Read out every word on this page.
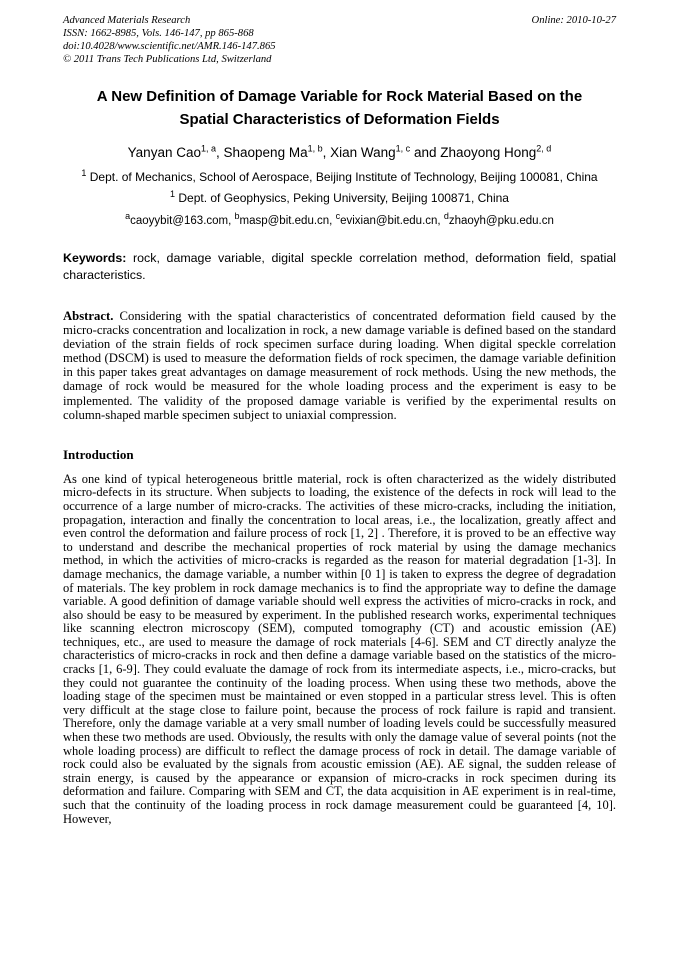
Advanced Materials Research
ISSN: 1662-8985, Vols. 146-147, pp 865-868
doi:10.4028/www.scientific.net/AMR.146-147.865
© 2011 Trans Tech Publications Ltd, Switzerland
Online: 2010-10-27
A New Definition of Damage Variable for Rock Material Based on the Spatial Characteristics of Deformation Fields
Yanyan Cao$^{1, a}$, Shaopeng Ma$^{1, b}$, Xian Wang$^{1, c}$ and Zhaoyong Hong$^{2, d}$
$^1$ Dept. of Mechanics, School of Aerospace, Beijing Institute of Technology, Beijing 100081, China
$^1$ Dept. of Geophysics, Peking University, Beijing 100871, China
$^a$caoyybit@163.com, $^b$masp@bit.edu.cn, $^c$evixian@bit.edu.cn, $^d$zhaoyh@pku.edu.cn

Keywords: rock, damage variable, digital speckle correlation method, deformation field, spatial characteristics.

Abstract. Considering with the spatial characteristics of concentrated deformation field caused by the micro-cracks concentration and localization in rock, a new damage variable is defined based on the standard deviation of the strain fields of rock specimen surface during loading. When digital speckle correlation method (DSCM) is used to measure the deformation fields of rock specimen, the damage variable definition in this paper takes great advantages on damage measurement of rock methods. Using the new methods, the damage of rock would be measured for the whole loading process and the experiment is easy to be implemented. The validity of the proposed damage variable is verified by the experimental results on column-shaped marble specimen subject to uniaxial compression.

Introduction

As one kind of typical heterogeneous brittle material, rock is often characterized as the widely distributed micro-defects in its structure. When subjects to loading, the existence of the defects in rock will lead to the occurrence of a large number of micro-cracks. The activities of these micro-cracks, including the initiation, propagation, interaction and finally the concentration to local areas, i.e., the localization, greatly affect and even control the deformation and failure process of rock [1, 2] . Therefore, it is proved to be an effective way to understand and describe the mechanical properties of rock material by using the damage mechanics method, in which the activities of micro-cracks is regarded as the reason for material degradation [1-3]. In damage mechanics, the damage variable, a number within [0 1] is taken to express the degree of degradation of materials. The key problem in rock damage mechanics is to find the appropriate way to define the damage variable. A good definition of damage variable should well express the activities of micro-cracks in rock, and also should be easy to be measured by experiment. In the published research works, experimental techniques like scanning electron microscopy (SEM), computed tomography (CT) and acoustic emission (AE) techniques, etc., are used to measure the damage of rock materials [4-6]. SEM and CT directly analyze the characteristics of micro-cracks in rock and then define a damage variable based on the statistics of the micro-cracks [1, 6-9]. They could evaluate the damage of rock from its intermediate aspects, i.e., micro-cracks, but they could not guarantee the continuity of the loading process. When using these two methods, above the loading stage of the specimen must be maintained or even stopped in a particular stress level. This is often very difficult at the stage close to failure point, because the process of rock failure is rapid and transient. Therefore, only the damage variable at a very small number of loading levels could be successfully measured when these two methods are used. Obviously, the results with only the damage value of several points (not the whole loading process) are difficult to reflect the damage process of rock in detail. The damage variable of rock could also be evaluated by the signals from acoustic emission (AE). AE signal, the sudden release of strain energy, is caused by the appearance or expansion of micro-cracks in rock specimen during its deformation and failure. Comparing with SEM and CT, the data acquisition in AE experiment is in real-time, such that the continuity of the loading process in rock damage measurement could be guaranteed [4, 10]. However,
